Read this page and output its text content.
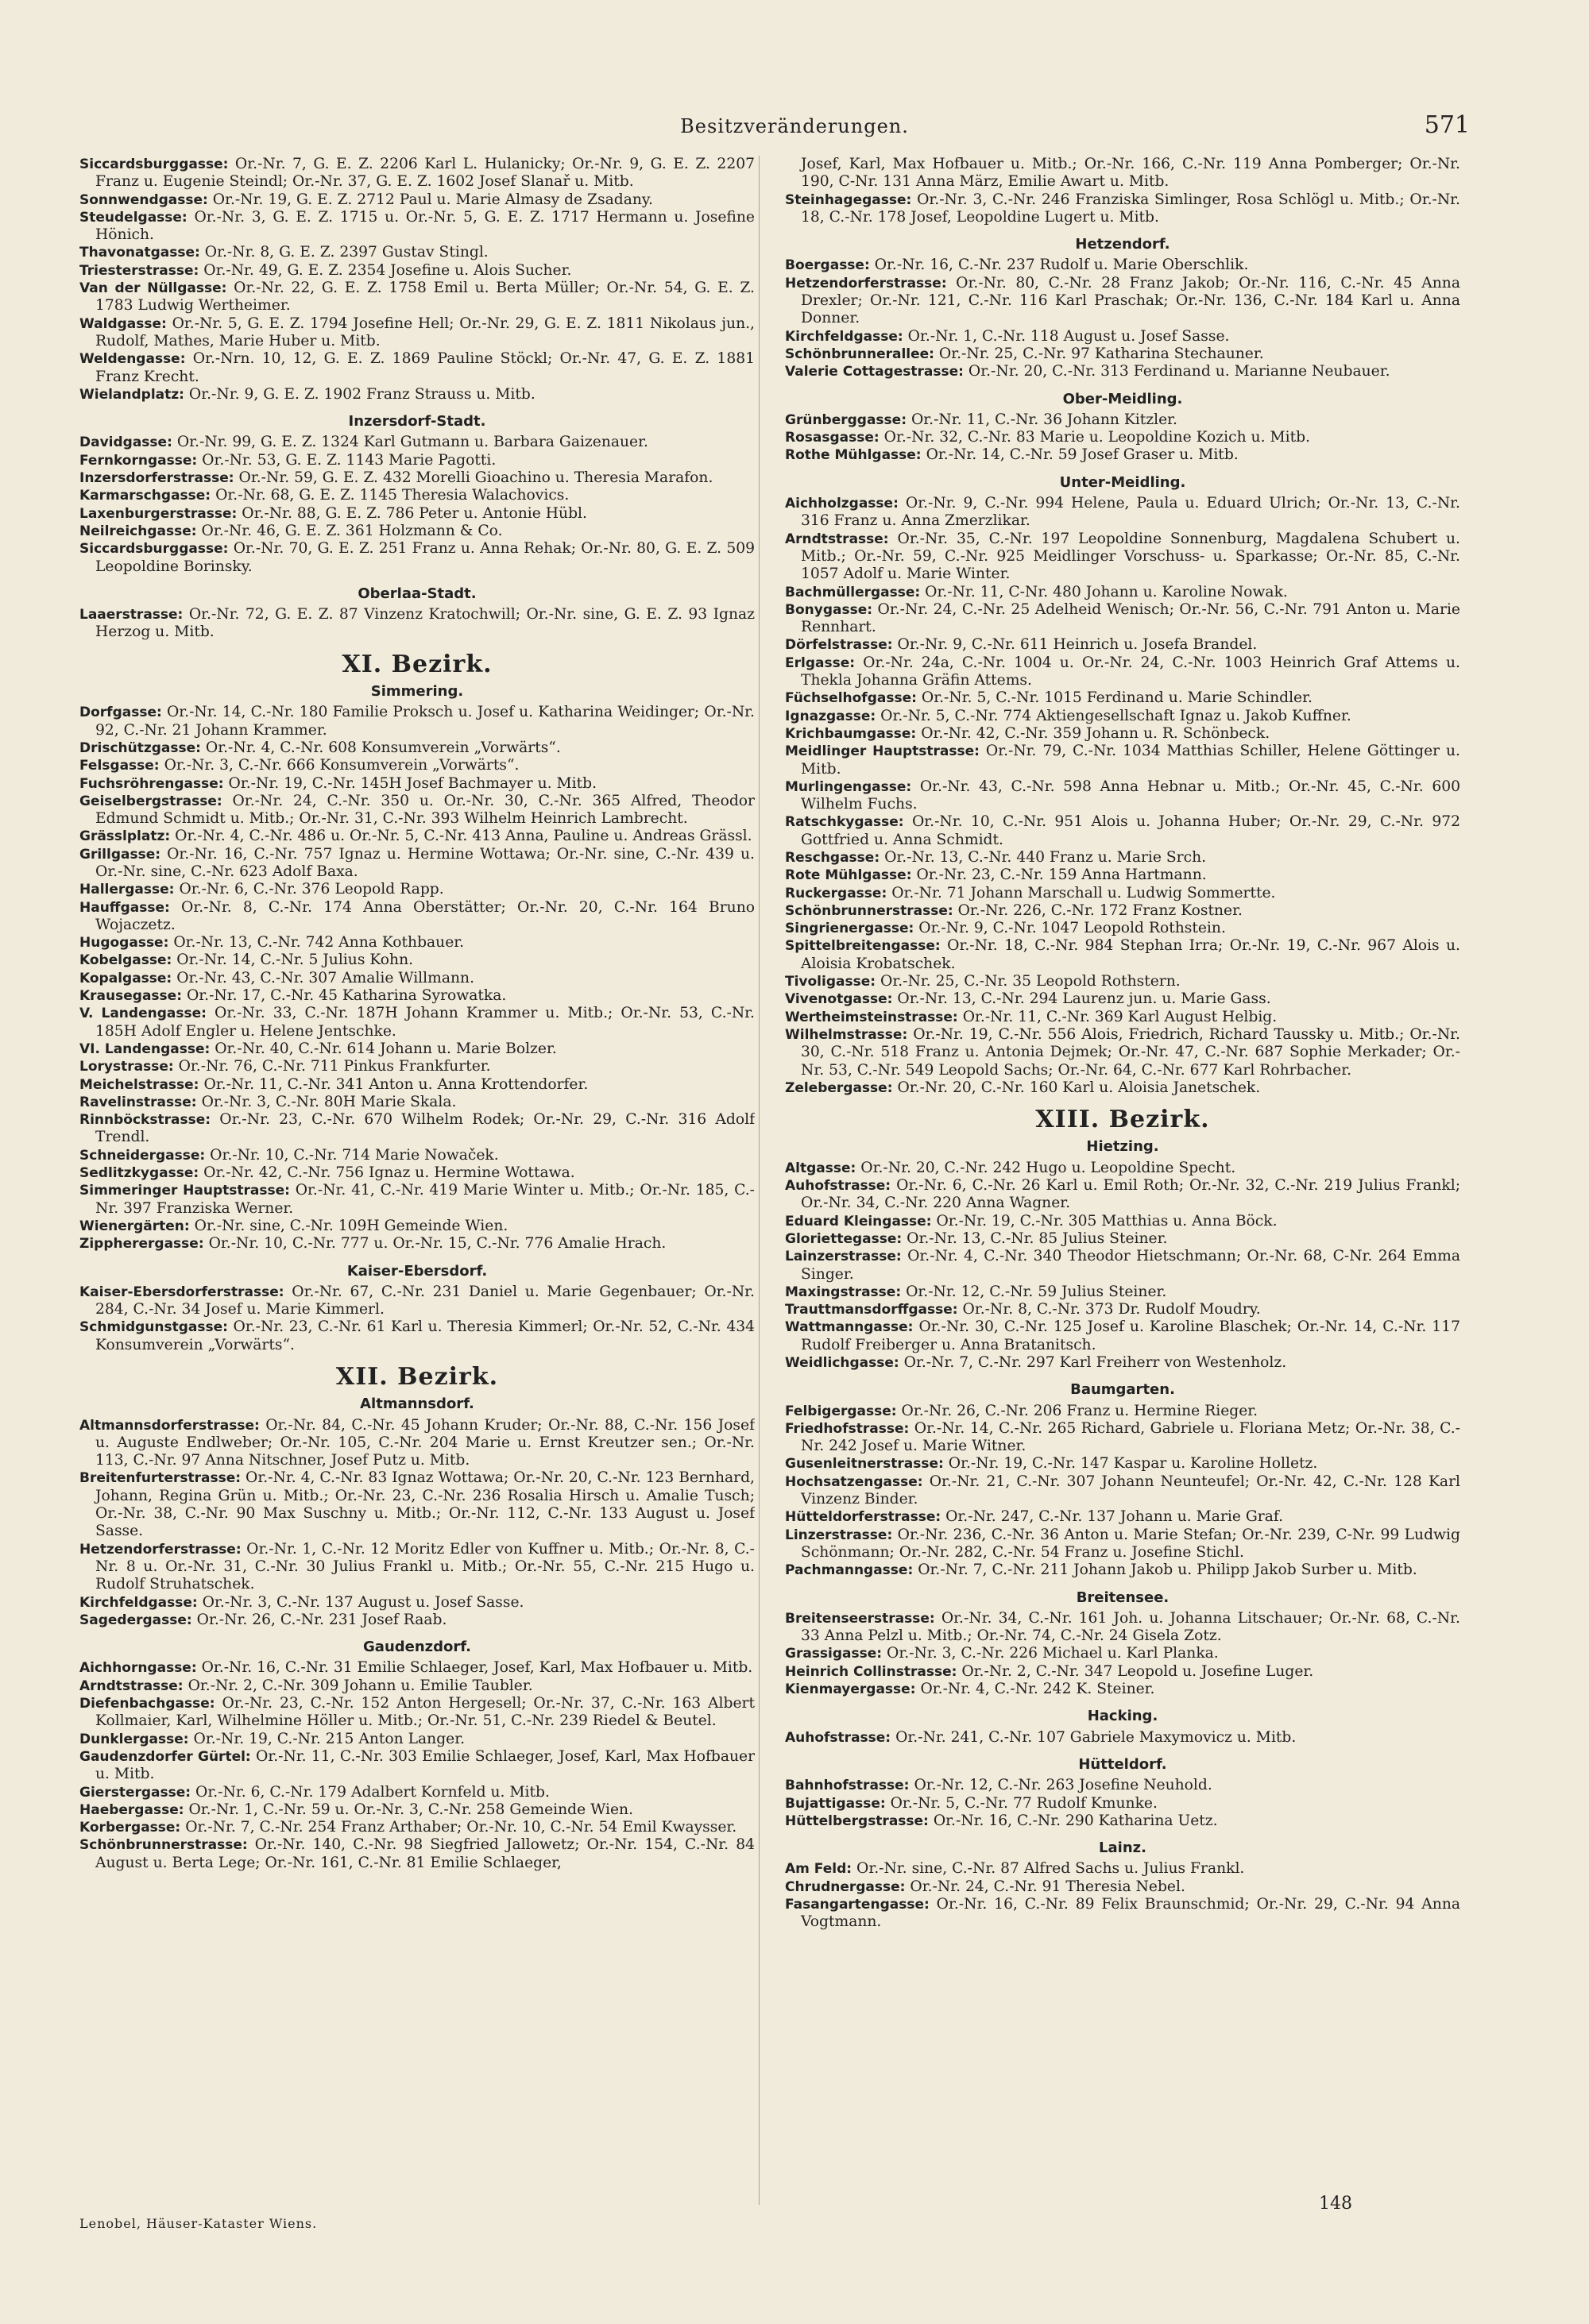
Besitzveränderungen.	571

Siccardsburggasse: Or.-Nr. 7, G. E. Z. 2206 Karl L. Hulanicky; Or.-Nr. 9, G. E. Z. 2207 Franz u. Eugenie Steindl; Or.-Nr. 37, G. E. Z. 1602 Josef Slanař u. Mitb.

Sonnwendgasse: Or.-Nr. 19, G. E. Z. 2712 Paul u. Marie Almasy de Zsadany.

Steudelgasse: Or.-Nr. 3, G. E. Z. 1715 u. Or.-Nr. 5, G. E. Z. 1717 Hermann u. Josefine Hönich.

Thavonatgasse: Or.-Nr. 8, G. E. Z. 2397 Gustav Stingl.

Triesterstrasse: Or.-Nr. 49, G. E. Z. 2354 Josefine u. Alois Sucher.

Van der Nüllgasse: Or.-Nr. 22, G. E. Z. 1758 Emil u. Berta Müller; Or.-Nr. 54, G. E. Z. 1783 Ludwig Wertheimer.

Waldgasse: Or.-Nr. 5, G. E. Z. 1794 Josefine Hell; Or.-Nr. 29, G. E. Z. 1811 Nikolaus jun., Rudolf, Mathes, Marie Huber u. Mitb.

Weldengasse: Or.-Nrn. 10, 12, G. E. Z. 1869 Pauline Stöckl; Or.-Nr. 47, G. E. Z. 1881 Franz Krecht.

Wielandplatz: Or.-Nr. 9, G. E. Z. 1902 Franz Strauss u. Mitb.

Inzersdorf-Stadt.

Davidgasse: Or.-Nr. 99, G. E. Z. 1324 Karl Gutmann u. Barbara Gaizenauer.

Fernkorngasse: Or.-Nr. 53, G. E. Z. 1143 Marie Pagotti.

Inzersdorferstrasse: Or.-Nr. 59, G. E. Z. 432 Morelli Gioachino u. Theresia Marafon.

Karmarschgasse: Or.-Nr. 68, G. E. Z. 1145 Theresia Walachovics.

Laxenburgerstrasse: Or.-Nr. 88, G. E. Z. 786 Peter u. Antonie Hübl.

Neilreichgasse: Or.-Nr. 46, G. E. Z. 361 Holzmann & Co.

Siccardsburggasse: Or.-Nr. 70, G. E. Z. 251 Franz u. Anna Rehak; Or.-Nr. 80, G. E. Z. 509 Leopoldine Borinsky.

Oberlaa-Stadt.

Laaerstrasse: Or.-Nr. 72, G. E. Z. 87 Vinzenz Kratochwill; Or.-Nr. sine, G. E. Z. 93 Ignaz Herzog u. Mitb.

XI. Bezirk.
Simmering.

Dorfgasse: Or.-Nr. 14, C.-Nr. 180 Familie Proksch u. Josef u. Katharina Weidinger; Or.-Nr. 92, C.-Nr. 21 Johann Krammer.

Drischützgasse: Or.-Nr. 4, C.-Nr. 608 Konsumverein „Vorwärts“.

Felsgasse: Or.-Nr. 3, C.-Nr. 666 Konsumverein „Vorwärts“.

Fuchsröhrengasse: Or.-Nr. 19, C.-Nr. 145H Josef Bachmayer u. Mitb.

Geiselbergstrasse: Or.-Nr. 24, C.-Nr. 350 u. Or.-Nr. 30, C.-Nr. 365 Alfred, Theodor Edmund Schmidt u. Mitb.; Or.-Nr. 31, C.-Nr. 393 Wilhelm Heinrich Lambrecht.

Grässlplatz: Or.-Nr. 4, C.-Nr. 486 u. Or.-Nr. 5, C.-Nr. 413 Anna, Pauline u. Andreas Grässl.

Grillgasse: Or.-Nr. 16, C.-Nr. 757 Ignaz u. Hermine Wottawa; Or.-Nr. sine, C.-Nr. 439 u. Or.-Nr. sine, C.-Nr. 623 Adolf Baxa.

Hallergasse: Or.-Nr. 6, C.-Nr. 376 Leopold Rapp.

Hauffgasse: Or.-Nr. 8, C.-Nr. 174 Anna Oberstätter; Or.-Nr. 20, C.-Nr. 164 Bruno Wojaczetz.

Hugogasse: Or.-Nr. 13, C.-Nr. 742 Anna Kothbauer.

Kobelgasse: Or.-Nr. 14, C.-Nr. 5 Julius Kohn.

Kopalgasse: Or.-Nr. 43, C.-Nr. 307 Amalie Willmann.

Krausegasse: Or.-Nr. 17, C.-Nr. 45 Katharina Syrowatka.

V. Landengasse: Or.-Nr. 33, C.-Nr. 187H Johann Krammer u. Mitb.; Or.-Nr. 53, C.-Nr. 185H Adolf Engler u. Helene Jentschke.

VI. Landengasse: Or.-Nr. 40, C.-Nr. 614 Johann u. Marie Bolzer.

Lorystrasse: Or.-Nr. 76, C.-Nr. 711 Pinkus Frankfurter.

Meichelstrasse: Or.-Nr. 11, C.-Nr. 341 Anton u. Anna Krottendorfer.

Ravelinstrasse: Or.-Nr. 3, C.-Nr. 80H Marie Skala.

Rinnböckstrasse: Or.-Nr. 23, C.-Nr. 670 Wilhelm Rodek; Or.-Nr. 29, C.-Nr. 316 Adolf Trendl.

Schneidergasse: Or.-Nr. 10, C.-Nr. 714 Marie Nowaček.

Sedlitzkygasse: Or.-Nr. 42, C.-Nr. 756 Ignaz u. Hermine Wottawa.

Simmeringer Hauptstrasse: Or.-Nr. 41, C.-Nr. 419 Marie Winter u. Mitb.; Or.-Nr. 185, C.-Nr. 397 Franziska Werner.

Wienergärten: Or.-Nr. sine, C.-Nr. 109H Gemeinde Wien.

Zippherergasse: Or.-Nr. 10, C.-Nr. 777 u. Or.-Nr. 15, C.-Nr. 776 Amalie Hrach.

Kaiser-Ebersdorf.

Kaiser-Ebersdorferstrasse: Or.-Nr. 67, C.-Nr. 231 Daniel u. Marie Gegenbauer; Or.-Nr. 284, C.-Nr. 34 Josef u. Marie Kimmerl.

Schmidgunstgasse: Or.-Nr. 23, C.-Nr. 61 Karl u. Theresia Kimmerl; Or.-Nr. 52, C.-Nr. 434 Konsumverein „Vorwärts“.

XII. Bezirk.
Altmannsdorf.

Altmannsdorferstrasse: Or.-Nr. 84, C.-Nr. 45 Johann Kruder; Or.-Nr. 88, C.-Nr. 156 Josef u. Auguste Endlweber; Or.-Nr. 105, C.-Nr. 204 Marie u. Ernst Kreutzer sen.; Or.-Nr. 113, C.-Nr. 97 Anna Nitschner, Josef Putz u. Mitb.

Breitenfurterstrasse: Or.-Nr. 4, C.-Nr. 83 Ignaz Wottawa; Or.-Nr. 20, C.-Nr. 123 Bernhard, Johann, Regina Grün u. Mitb.; Or.-Nr. 23, C.-Nr. 236 Rosalia Hirsch u. Amalie Tusch; Or.-Nr. 38, C.-Nr. 90 Max Suschny u. Mitb.; Or.-Nr. 112, C.-Nr. 133 August u. Josef Sasse.

Hetzendorferstrasse: Or.-Nr. 1, C.-Nr. 12 Moritz Edler von Kuffner u. Mitb.; Or.-Nr. 8, C.-Nr. 8 u. Or.-Nr. 31, C.-Nr. 30 Julius Frankl u. Mitb.; Or.-Nr. 55, C.-Nr. 215 Hugo u. Rudolf Struhatschek.

Kirchfeldgasse: Or.-Nr. 3, C.-Nr. 137 August u. Josef Sasse.

Sagedergasse: Or.-Nr. 26, C.-Nr. 231 Josef Raab.

Gaudenzdorf.

Aichhorngasse: Or.-Nr. 16, C.-Nr. 31 Emilie Schlaeger, Josef, Karl, Max Hofbauer u. Mitb.

Arndtstrasse: Or.-Nr. 2, C.-Nr. 309 Johann u. Emilie Taubler.

Diefenbachgasse: Or.-Nr. 23, C.-Nr. 152 Anton Hergesell; Or.-Nr. 37, C.-Nr. 163 Albert Kollmaier, Karl, Wilhelmine Höller u. Mitb.; Or.-Nr. 51, C.-Nr. 239 Riedel & Beutel.

Dunklergasse: Or.-Nr. 19, C.-Nr. 215 Anton Langer.

Gaudenzdorfer Gürtel: Or.-Nr. 11, C.-Nr. 303 Emilie Schlaeger, Josef, Karl, Max Hofbauer u. Mitb.

Gierstergasse: Or.-Nr. 6, C.-Nr. 179 Adalbert Kornfeld u. Mitb.

Haebergasse: Or.-Nr. 1, C.-Nr. 59 u. Or.-Nr. 3, C.-Nr. 258 Gemeinde Wien.

Korbergasse: Or.-Nr. 7, C.-Nr. 254 Franz Arthaber; Or.-Nr. 10, C.-Nr. 54 Emil Kwaysser.

Schönbrunnerstrasse: Or.-Nr. 140, C.-Nr. 98 Siegfried Jallowetz; Or.-Nr. 154, C.-Nr. 84 August u. Berta Lege; Or.-Nr. 161, C.-Nr. 81 Emilie Schlaeger,

Josef, Karl, Max Hofbauer u. Mitb.; Or.-Nr. 166, C.-Nr. 119 Anna Pomberger; Or.-Nr. 190, C-Nr. 131 Anna März, Emilie Awart u. Mitb.

Steinhagegasse: Or.-Nr. 3, C.-Nr. 246 Franziska Simlinger, Rosa Schlögl u. Mitb.; Or.-Nr. 18, C.-Nr. 178 Josef, Leopoldine Lugert u. Mitb.

Hetzendorf.

Boergasse: Or.-Nr. 16, C.-Nr. 237 Rudolf u. Marie Oberschlik.

Hetzendorferstrasse: Or.-Nr. 80, C.-Nr. 28 Franz Jakob; Or.-Nr. 116, C.-Nr. 45 Anna Drexler; Or.-Nr. 121, C.-Nr. 116 Karl Praschak; Or.-Nr. 136, C.-Nr. 184 Karl u. Anna Donner.

Kirchfeldgasse: Or.-Nr. 1, C.-Nr. 118 August u. Josef Sasse.

Schönbrunnerallee: Or.-Nr. 25, C.-Nr. 97 Katharina Stechauner.

Valerie Cottagestrasse: Or.-Nr. 20, C.-Nr. 313 Ferdinand u. Marianne Neubauer.

Ober-Meidling.

Grünberggasse: Or.-Nr. 11, C.-Nr. 36 Johann Kitzler.

Rosasgasse: Or.-Nr. 32, C.-Nr. 83 Marie u. Leopoldine Kozich u. Mitb.

Rothe Mühlgasse: Or.-Nr. 14, C.-Nr. 59 Josef Graser u. Mitb.

Unter-Meidling.

Aichholzgasse: Or.-Nr. 9, C.-Nr. 994 Helene, Paula u. Eduard Ulrich; Or.-Nr. 13, C.-Nr. 316 Franz u. Anna Zmerzlikar.

Arndtstrasse: Or.-Nr. 35, C.-Nr. 197 Leopoldine Sonnenburg, Magdalena Schubert u. Mitb.; Or.-Nr. 59, C.-Nr. 925 Meidlinger Vorschuss- u. Sparkasse; Or.-Nr. 85, C.-Nr. 1057 Adolf u. Marie Winter.

Bachmüllergasse: Or.-Nr. 11, C-Nr. 480 Johann u. Karoline Nowak.

Bonygasse: Or.-Nr. 24, C.-Nr. 25 Adelheid Wenisch; Or.-Nr. 56, C.-Nr. 791 Anton u. Marie Rennhart.

Dörfelstrasse: Or.-Nr. 9, C.-Nr. 611 Heinrich u. Josefa Brandel.

Erlgasse: Or.-Nr. 24a, C.-Nr. 1004 u. Or.-Nr. 24, C.-Nr. 1003 Heinrich Graf Attems u. Thekla Johanna Gräfin Attems.

Füchselhofgasse: Or.-Nr. 5, C.-Nr. 1015 Ferdinand u. Marie Schindler.

Ignazgasse: Or.-Nr. 5, C.-Nr. 774 Aktiengesellschaft Ignaz u. Jakob Kuffner.

Krichbaumgasse: Or.-Nr. 42, C.-Nr. 359 Johann u. R. Schönbeck.

Meidlinger Hauptstrasse: Or.-Nr. 79, C.-Nr. 1034 Matthias Schiller, Helene Göttinger u. Mitb.

Murlingengasse: Or.-Nr. 43, C.-Nr. 598 Anna Hebnar u. Mitb.; Or.-Nr. 45, C.-Nr. 600 Wilhelm Fuchs.

Ratschkygasse: Or.-Nr. 10, C.-Nr. 951 Alois u. Johanna Huber; Or.-Nr. 29, C.-Nr. 972 Gottfried u. Anna Schmidt.

Reschgasse: Or.-Nr. 13, C.-Nr. 440 Franz u. Marie Srch.

Rote Mühlgasse: Or.-Nr. 23, C.-Nr. 159 Anna Hartmann.

Ruckergasse: Or.-Nr. 71 Johann Marschall u. Ludwig Sommertte.

Schönbrunnerstrasse: Or.-Nr. 226, C.-Nr. 172 Franz Kostner.

Singrienergasse: Or.-Nr. 9, C.-Nr. 1047 Leopold Rothstein.

Spittelbreitengasse: Or.-Nr. 18, C.-Nr. 984 Stephan Irra; Or.-Nr. 19, C.-Nr. 967 Alois u. Aloisia Krobatschek.

Tivoligasse: Or.-Nr. 25, C.-Nr. 35 Leopold Rothstern.

Vivenotgasse: Or.-Nr. 13, C.-Nr. 294 Laurenz jun. u. Marie Gass.

Wertheimsteinstrasse: Or.-Nr. 11, C.-Nr. 369 Karl August Helbig.

Wilhelmstrasse: Or.-Nr. 19, C.-Nr. 556 Alois, Friedrich, Richard Taussky u. Mitb.; Or.-Nr. 30, C.-Nr. 518 Franz u. Antonia Dejmek; Or.-Nr. 47, C.-Nr. 687 Sophie Merkader; Or.-Nr. 53, C.-Nr. 549 Leopold Sachs; Or.-Nr. 64, C.-Nr. 677 Karl Rohrbacher.

Zelebergasse: Or.-Nr. 20, C.-Nr. 160 Karl u. Aloisia Janetschek.

XIII. Bezirk.
Hietzing.

Altgasse: Or.-Nr. 20, C.-Nr. 242 Hugo u. Leopoldine Specht.

Auhofstrasse: Or.-Nr. 6, C.-Nr. 26 Karl u. Emil Roth; Or.-Nr. 32, C.-Nr. 219 Julius Frankl; Or.-Nr. 34, C.-Nr. 220 Anna Wagner.

Eduard Kleingasse: Or.-Nr. 19, C.-Nr. 305 Matthias u. Anna Böck.

Gloriettegasse: Or.-Nr. 13, C.-Nr. 85 Julius Steiner.

Lainzerstrasse: Or.-Nr. 4, C.-Nr. 340 Theodor Hietschmann; Or.-Nr. 68, C-Nr. 264 Emma Singer.

Maxingstrasse: Or.-Nr. 12, C.-Nr. 59 Julius Steiner.

Trauttmansdorffgasse: Or.-Nr. 8, C.-Nr. 373 Dr. Rudolf Moudry.

Wattmanngasse: Or.-Nr. 30, C.-Nr. 125 Josef u. Karoline Blaschek; Or.-Nr. 14, C.-Nr. 117 Rudolf Freiberger u. Anna Bratanitsch.

Weidlichgasse: Or.-Nr. 7, C.-Nr. 297 Karl Freiherr von Westenholz.

Baumgarten.

Felbigergasse: Or.-Nr. 26, C.-Nr. 206 Franz u. Hermine Rieger.

Friedhofstrasse: Or.-Nr. 14, C.-Nr. 265 Richard, Gabriele u. Floriana Metz; Or.-Nr. 38, C.-Nr. 242 Josef u. Marie Witner.

Gusenleitnerstrasse: Or.-Nr. 19, C.-Nr. 147 Kaspar u. Karoline Holletz.

Hochsatzengasse: Or.-Nr. 21, C.-Nr. 307 Johann Neunteufel; Or.-Nr. 42, C.-Nr. 128 Karl Vinzenz Binder.

Hütteldorferstrasse: Or.-Nr. 247, C.-Nr. 137 Johann u. Marie Graf.

Linzerstrasse: Or.-Nr. 236, C.-Nr. 36 Anton u. Marie Stefan; Or.-Nr. 239, C-Nr. 99 Ludwig Schönmann; Or.-Nr. 282, C.-Nr. 54 Franz u. Josefine Stichl.

Pachmanngasse: Or.-Nr. 7, C.-Nr. 211 Johann Jakob u. Philipp Jakob Surber u. Mitb.

Breitensee.

Breitenseerstrasse: Or.-Nr. 34, C.-Nr. 161 Joh. u. Johanna Litschauer; Or.-Nr. 68, C.-Nr. 33 Anna Pelzl u. Mitb.; Or.-Nr. 74, C.-Nr. 24 Gisela Zotz.

Grassigasse: Or.-Nr. 3, C.-Nr. 226 Michael u. Karl Planka.

Heinrich Collinstrasse: Or.-Nr. 2, C.-Nr. 347 Leopold u. Josefine Luger.

Kienmayergasse: Or.-Nr. 4, C.-Nr. 242 K. Steiner.

Hacking.

Auhofstrasse: Or.-Nr. 241, C.-Nr. 107 Gabriele Maxymovicz u. Mitb.

Hütteldorf.

Bahnhofstrasse: Or.-Nr. 12, C.-Nr. 263 Josefine Neuhold.

Bujattigasse: Or.-Nr. 5, C.-Nr. 77 Rudolf Kmunke.

Hüttelbergstrasse: Or.-Nr. 16, C.-Nr. 290 Katharina Uetz.

Lainz.

Am Feld: Or.-Nr. sine, C.-Nr. 87 Alfred Sachs u. Julius Frankl.

Chrudnergasse: Or.-Nr. 24, C.-Nr. 91 Theresia Nebel.

Fasangartengasse: Or.-Nr. 16, C.-Nr. 89 Felix Braunschmid; Or.-Nr. 29, C.-Nr. 94 Anna Vogtmann.

Lenobel, Häuser-Kataster Wiens.
148
